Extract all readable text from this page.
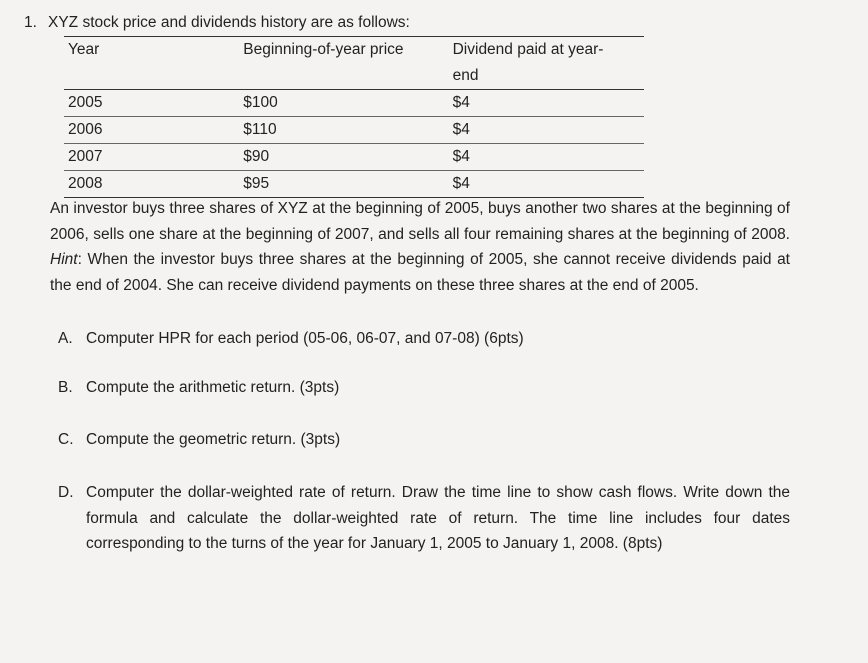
1. XYZ stock price and dividends history are as follows:
Year	Beginning-of-year price	Dividend paid at year-
end

2005	$100	$4
2006	$110	$4
2007	$90	$4
2008	$95	$4
An investor buys three shares of XYZ at the beginning of 2005, buys another two shares at the beginning of 2006, sells one share at the beginning of 2007, and sells all four remaining shares at the beginning of 2008. Hint: When the investor buys three shares at the beginning of 2005, she cannot receive dividends paid at the end of 2004. She can receive dividend payments on these three shares at the end of 2005.
A. Computer HPR for each period (05-06, 06-07, and 07-08) (6pts)
B. Compute the arithmetic return. (3pts)
C. Compute the geometric return. (3pts)
D. Computer the dollar-weighted rate of return. Draw the time line to show cash flows. Write down the formula and calculate the dollar-weighted rate of return. The time line includes four dates corresponding to the turns of the year for January 1, 2005 to January 1, 2008. (8pts)
